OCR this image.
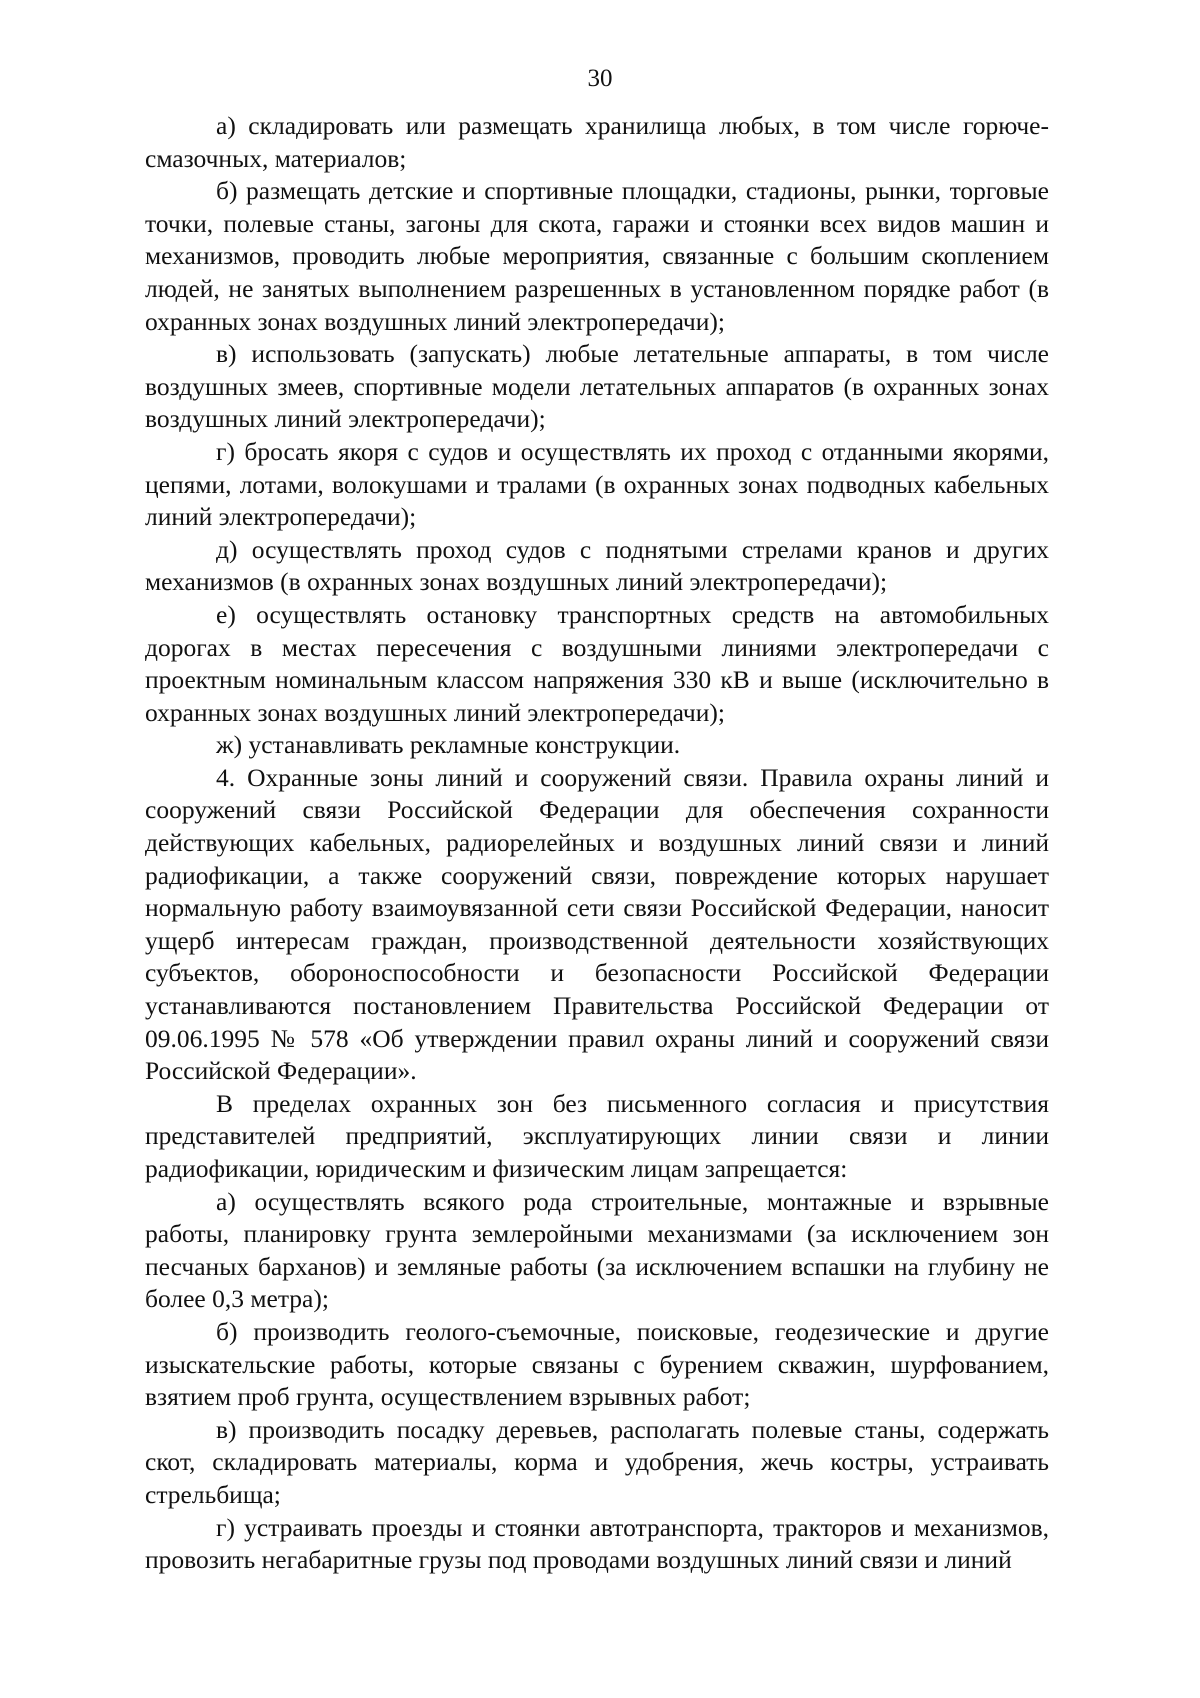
30

а) складировать или размещать хранилища любых, в том числе горюче-смазочных, материалов;

б) размещать детские и спортивные площадки, стадионы, рынки, торговые точки, полевые станы, загоны для скота, гаражи и стоянки всех видов машин и механизмов, проводить любые мероприятия, связанные с большим скоплением людей, не занятых выполнением разрешенных в установленном порядке работ (в охранных зонах воздушных линий электропередачи);

в) использовать (запускать) любые летательные аппараты, в том числе воздушных змеев, спортивные модели летательных аппаратов (в охранных зонах воздушных линий электропередачи);

г) бросать якоря с судов и осуществлять их проход с отданными якорями, цепями, лотами, волокушами и тралами (в охранных зонах подводных кабельных линий электропередачи);

д) осуществлять проход судов с поднятыми стрелами кранов и других механизмов (в охранных зонах воздушных линий электропередачи);

е) осуществлять остановку транспортных средств на автомобильных дорогах в местах пересечения с воздушными линиями электропередачи с проектным номинальным классом напряжения 330 кВ и выше (исключительно в охранных зонах воздушных линий электропередачи);

ж) устанавливать рекламные конструкции.

4. Охранные зоны линий и сооружений связи. Правила охраны линий и сооружений связи Российской Федерации для обеспечения сохранности действующих кабельных, радиорелейных и воздушных линий связи и линий радиофикации, а также сооружений связи, повреждение которых нарушает нормальную работу взаимоувязанной сети связи Российской Федерации, наносит ущерб интересам граждан, производственной деятельности хозяйствующих субъектов, обороноспособности и безопасности Российской Федерации устанавливаются постановлением Правительства Российской Федерации от 09.06.1995 № 578 «Об утверждении правил охраны линий и сооружений связи Российской Федерации».

В пределах охранных зон без письменного согласия и присутствия представителей предприятий, эксплуатирующих линии связи и линии радиофикации, юридическим и физическим лицам запрещается:

а) осуществлять всякого рода строительные, монтажные и взрывные работы, планировку грунта землеройными механизмами (за исключением зон песчаных барханов) и земляные работы (за исключением вспашки на глубину не более 0,3 метра);

б) производить геолого-съемочные, поисковые, геодезические и другие изыскательские работы, которые связаны с бурением скважин, шурфованием, взятием проб грунта, осуществлением взрывных работ;

в) производить посадку деревьев, располагать полевые станы, содержать скот, складировать материалы, корма и удобрения, жечь костры, устраивать стрельбища;

г) устраивать проезды и стоянки автотранспорта, тракторов и механизмов, провозить негабаритные грузы под проводами воздушных линий связи и линий
